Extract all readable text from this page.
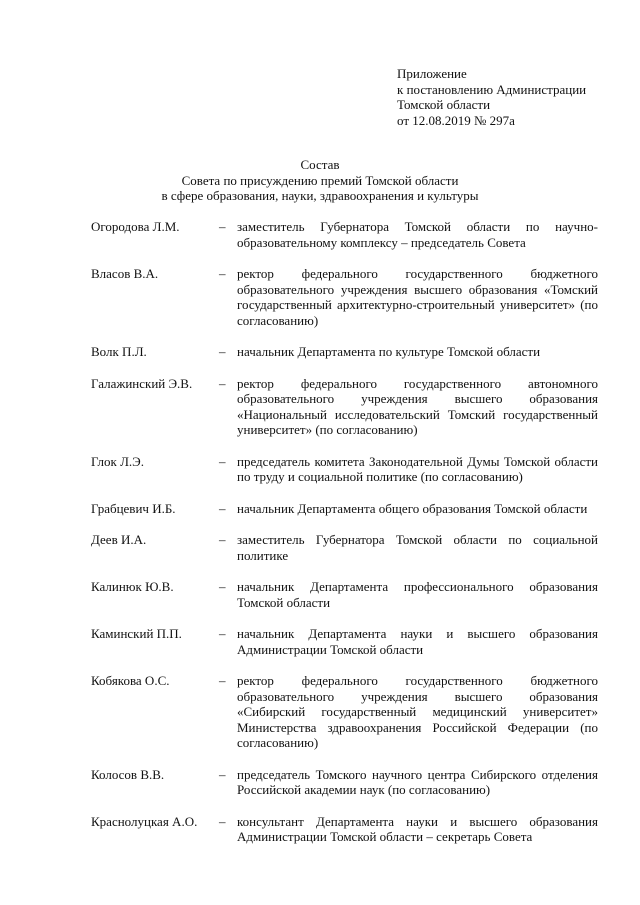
Приложение
к постановлению Администрации
Томской области
от 12.08.2019 № 297а
Состав
Совета по присуждению премий Томской области
в сфере образования, науки, здравоохранения и культуры
Огородова Л.М.	– заместитель Губернатора Томской области по научно-образовательному комплексу – председатель Совета
Власов В.А.	– ректор федерального государственного бюджетного образовательного учреждения высшего образования «Томский государственный архитектурно-строительный университет» (по согласованию)
Волк П.Л.	– начальник Департамента по культуре Томской области
Галажинский Э.В.	– ректор федерального государственного автономного образовательного учреждения высшего образования «Национальный исследовательский Томский государственный университет» (по согласованию)
Глок Л.Э.	– председатель комитета Законодательной Думы Томской области по труду и социальной политике (по согласованию)
Грабцевич И.Б.	– начальник Департамента общего образования Томской области
Деев И.А.	– заместитель Губернатора Томской области по социальной политике
Калинюк Ю.В.	– начальник Департамента профессионального образования Томской области
Каминский П.П.	– начальник Департамента науки и высшего образования Администрации Томской области
Кобякова О.С.	– ректор федерального государственного бюджетного образовательного учреждения высшего образования «Сибирский государственный медицинский университет» Министерства здравоохранения Российской Федерации (по согласованию)
Колосов В.В.	– председатель Томского научного центра Сибирского отделения Российской академии наук (по согласованию)
Краснолуцкая А.О.	– консультант Департамента науки и высшего образования Администрации Томской области – секретарь Совета
